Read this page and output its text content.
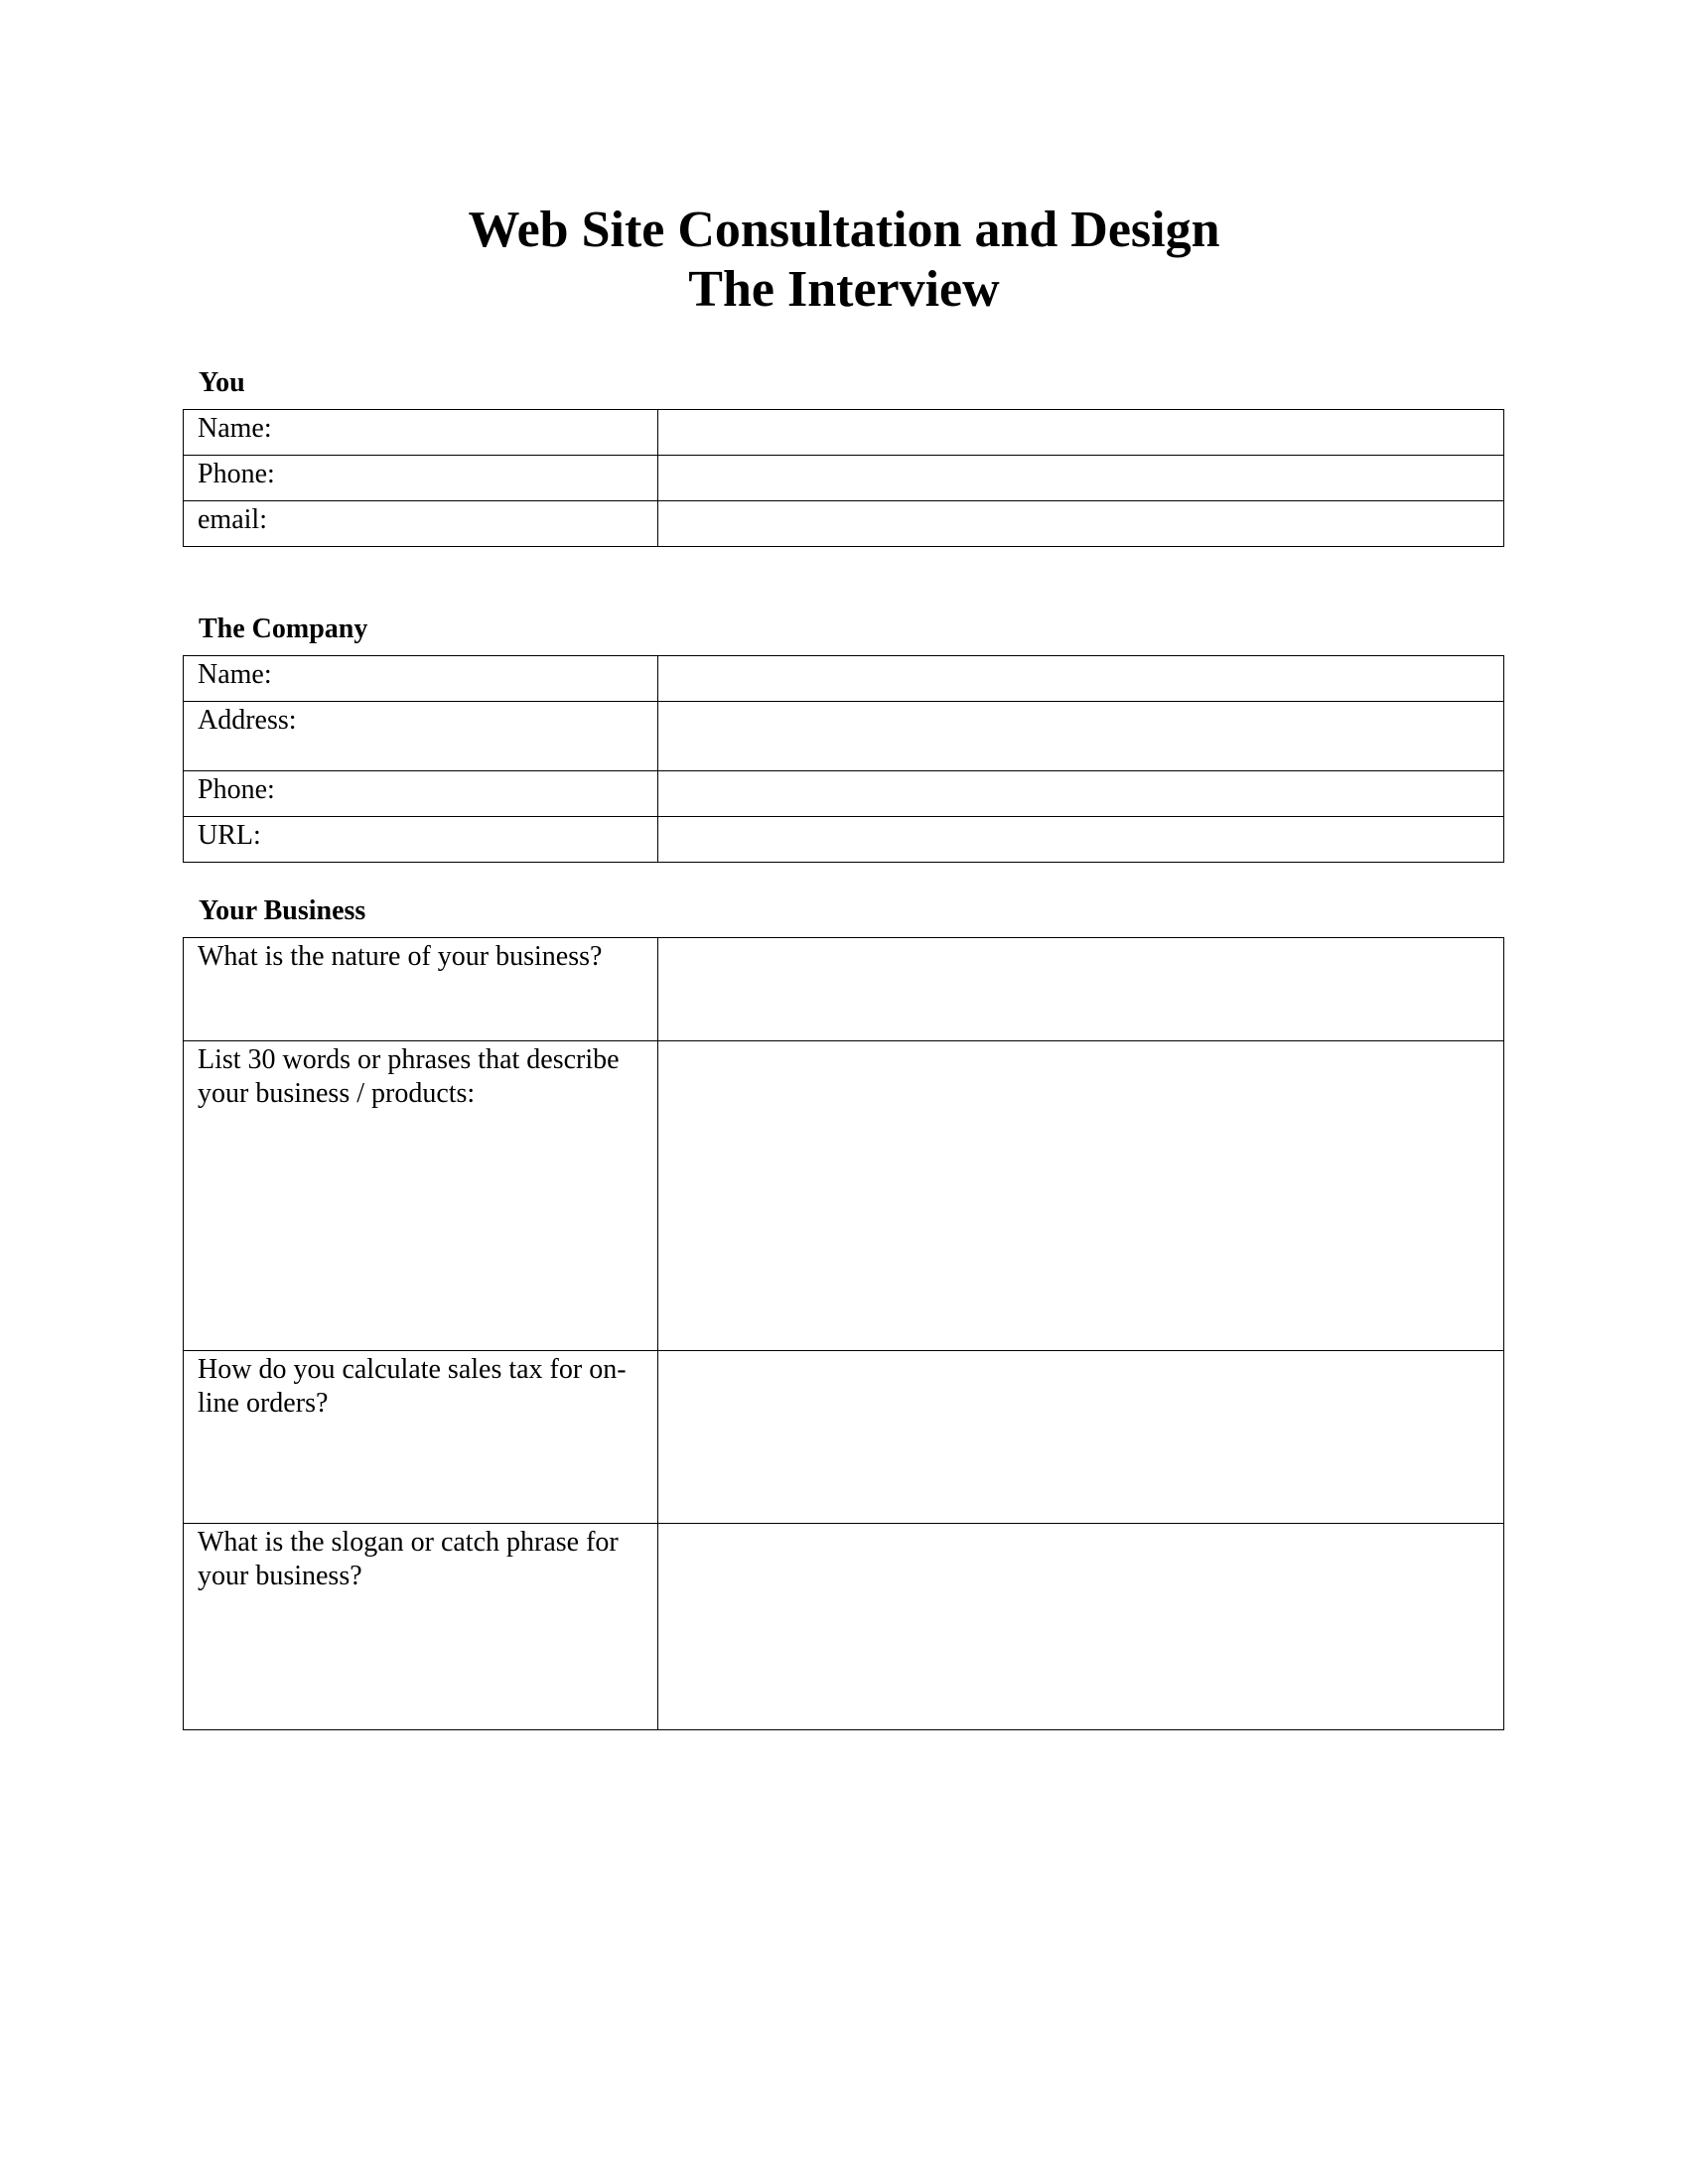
Web Site Consultation and Design
The Interview
You
Name:	
Phone:	
email:	
The Company
Name:	
Address:	
Phone:	
URL:	
Your Business
What is the nature of your business?	
List 30 words or phrases that describe your business / products:	
How do you calculate sales tax for on-line orders?	
What is the slogan or catch phrase for your business?	
